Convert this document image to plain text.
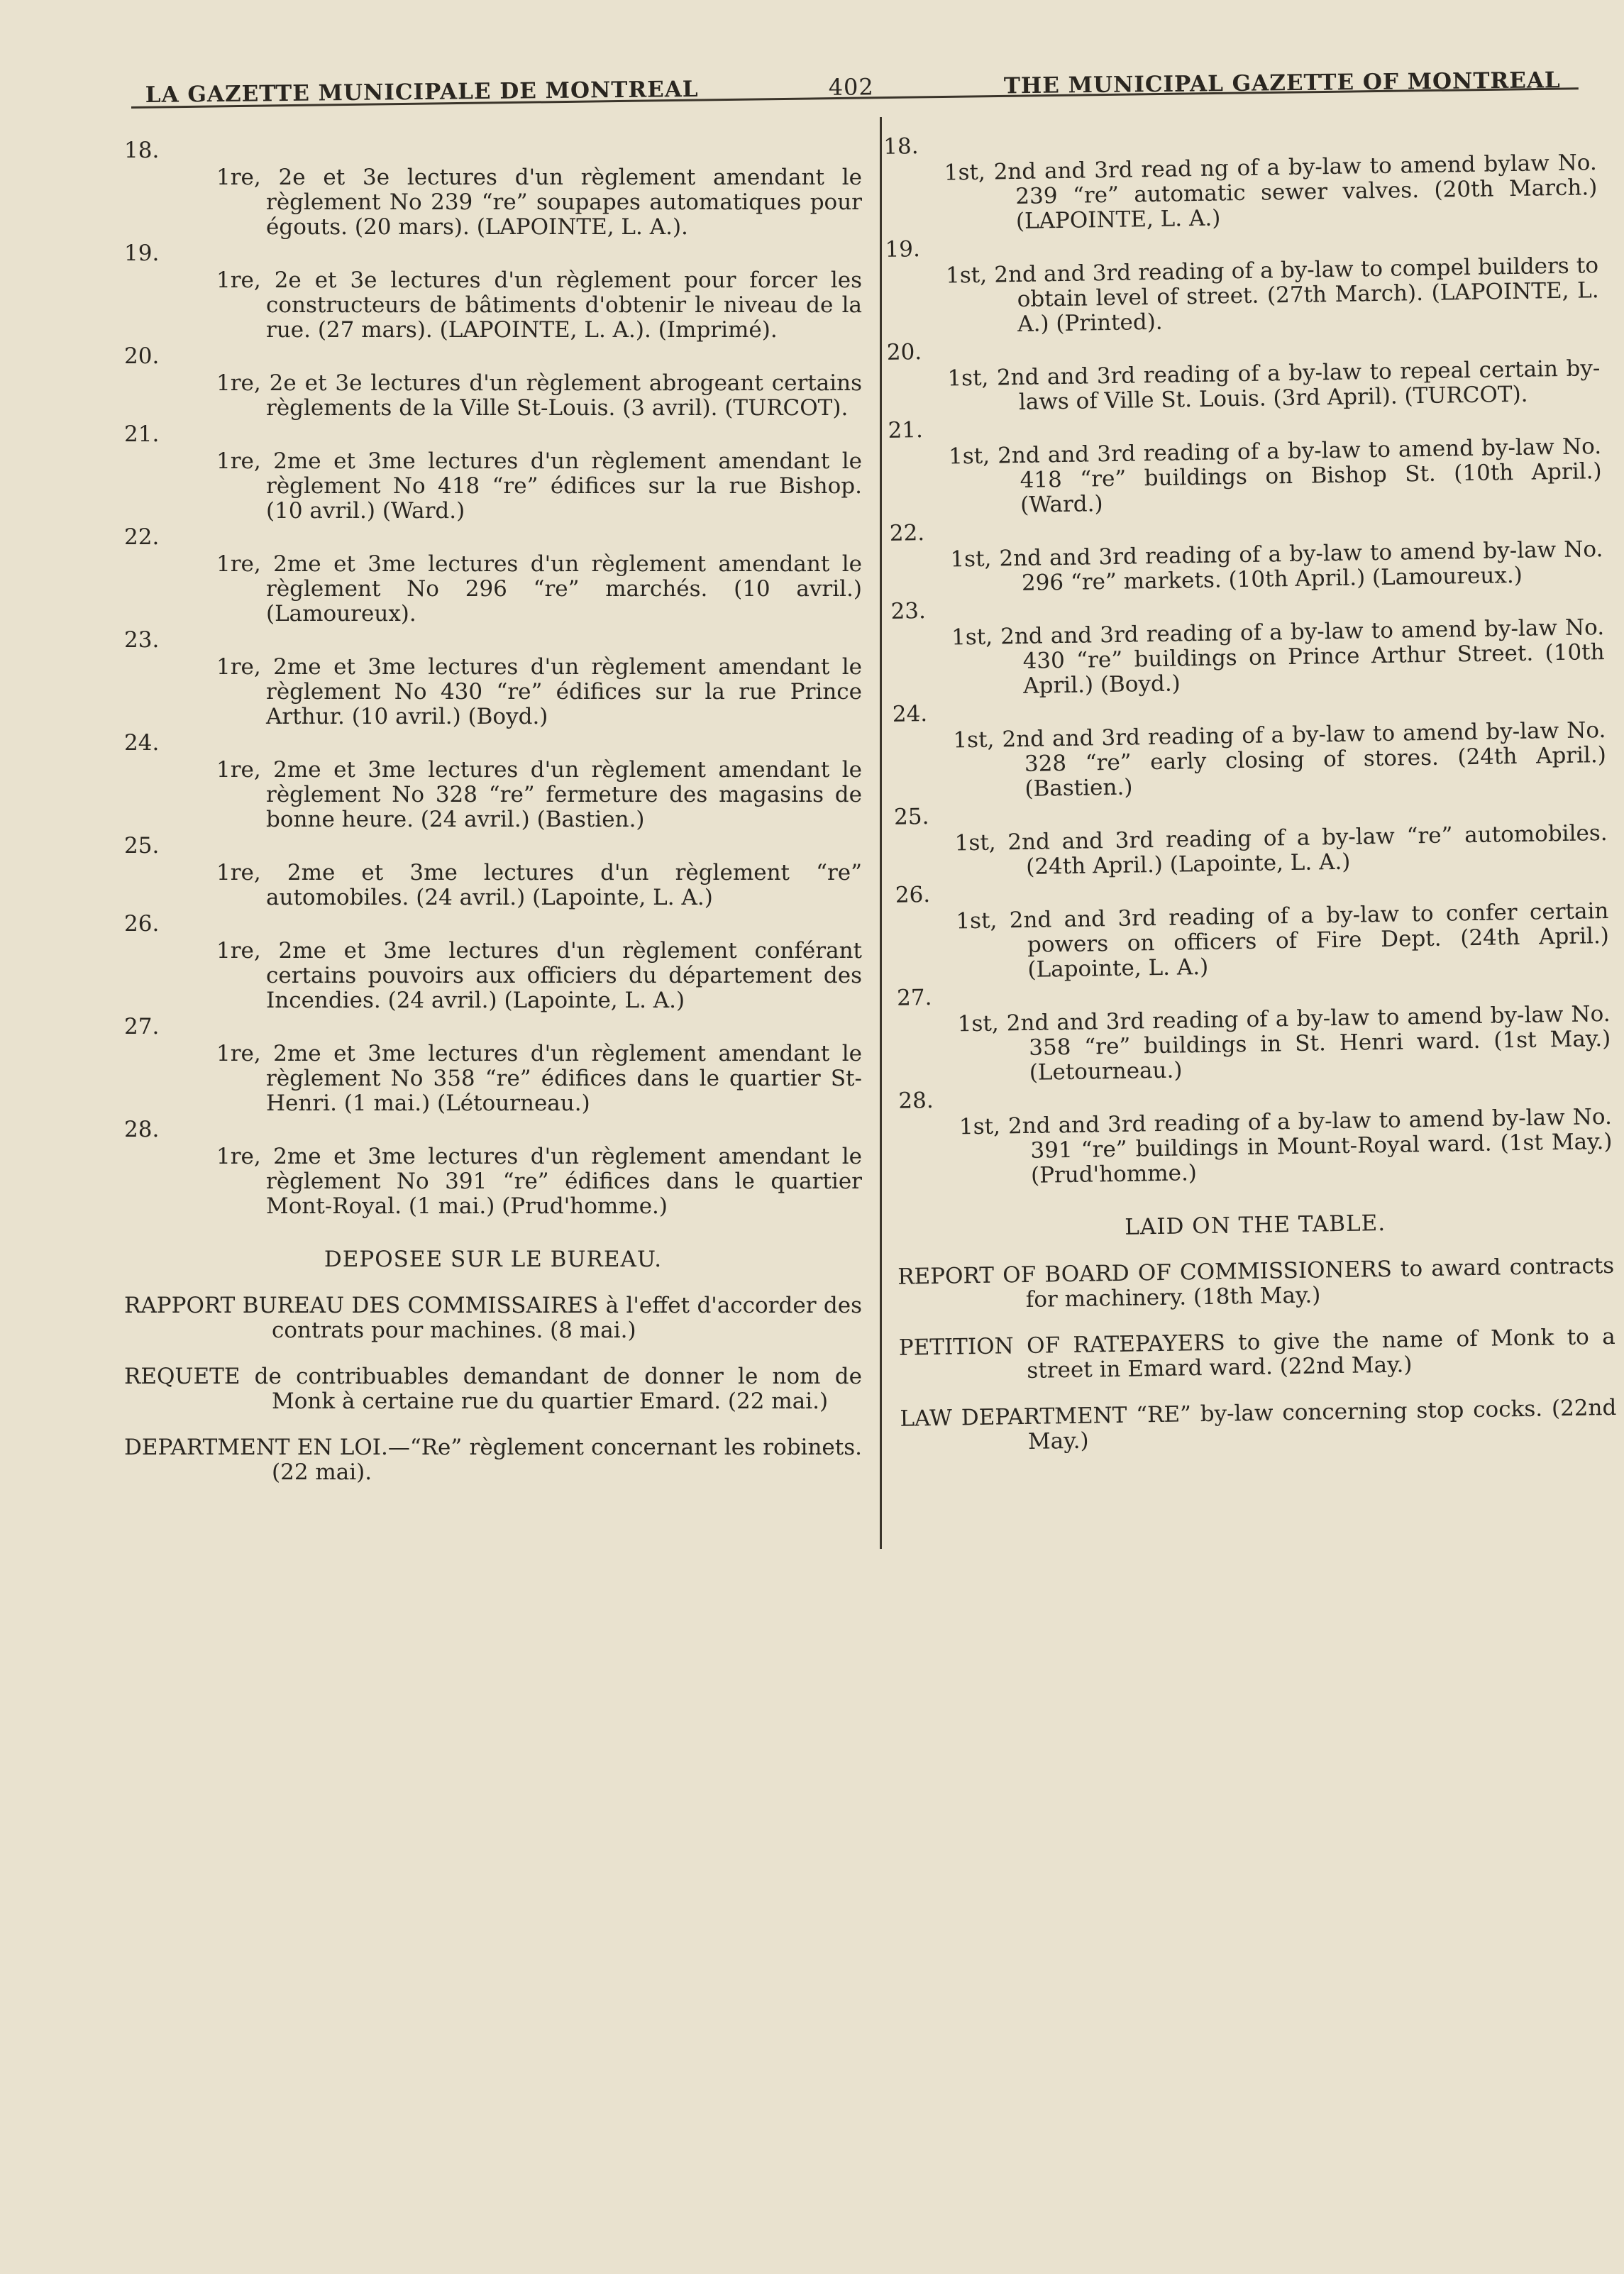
LA GAZETTE MUNICIPALE DE MONTREAL	402	THE MUNICIPAL GAZETTE OF MONTREAL
18.
1re, 2e et 3e lectures d'un règlement amendant le règlement No 239 “re” soupapes automatiques pour égouts. (20 mars). (LAPOINTE, L. A.).
19.
1re, 2e et 3e lectures d'un règlement pour forcer les constructeurs de bâtiments d'obtenir le niveau de la rue. (27 mars). (LAPOINTE, L. A.). (Imprimé).
20.
1re, 2e et 3e lectures d'un règlement abrogeant certains règlements de la Ville St-Louis. (3 avril). (TURCOT).
21.
1re, 2me et 3me lectures d'un règlement amendant le règlement No 418 “re” édifices sur la rue Bishop. (10 avril.) (Ward.)
22.
1re, 2me et 3me lectures d'un règlement amendant le règlement No 296 “re” marchés. (10 avril.) (Lamoureux).
23.
1re, 2me et 3me lectures d'un règlement amendant le règlement No 430 “re” édifices sur la rue Prince Arthur. (10 avril.) (Boyd.)
24.
1re, 2me et 3me lectures d'un règlement amendant le règlement No 328 “re” fermeture des magasins de bonne heure. (24 avril.) (Bastien.)
25.
1re, 2me et 3me lectures d'un règlement “re” automobiles. (24 avril.) (Lapointe, L. A.)
26.
1re, 2me et 3me lectures d'un règlement conférant certains pouvoirs aux officiers du département des Incendies. (24 avril.) (Lapointe, L. A.)
27.
1re, 2me et 3me lectures d'un règlement amendant le règlement No 358 “re” édifices dans le quartier St-Henri. (1 mai.) (Létourneau.)
28.
1re, 2me et 3me lectures d'un règlement amendant le règlement No 391 “re” édifices dans le quartier Mont-Royal. (1 mai.) (Prud'homme.)
DEPOSEE SUR LE BUREAU.
RAPPORT BUREAU DES COMMISSAIRES à l'effet d'accorder des contrats pour machines. (8 mai.)
REQUETE de contribuables demandant de donner le nom de Monk à certaine rue du quartier Emard. (22 mai.)
DEPARTMENT EN LOI.—“Re” règlement concernant les robinets. (22 mai).
18.
1st, 2nd and 3rd read ng of a by-law to amend bylaw No. 239 “re” automatic sewer valves. (20th March.) (LAPOINTE, L. A.)
19.
1st, 2nd and 3rd reading of a by-law to compel builders to obtain level of street. (27th March). (LAPOINTE, L. A.) (Printed).
20.
1st, 2nd and 3rd reading of a by-law to repeal certain by-laws of Ville St. Louis. (3rd April). (TURCOT).
21.
1st, 2nd and 3rd reading of a by-law to amend by-law No. 418 “re” buildings on Bishop St. (10th April.) (Ward.)
22.
1st, 2nd and 3rd reading of a by-law to amend by-law No. 296 “re” markets. (10th April.) (Lamoureux.)
23.
1st, 2nd and 3rd reading of a by-law to amend by-law No. 430 “re” buildings on Prince Arthur Street. (10th April.) (Boyd.)
24.
1st, 2nd and 3rd reading of a by-law to amend by-law No. 328 “re” early closing of stores. (24th April.) (Bastien.)
25.
1st, 2nd and 3rd reading of a by-law “re” automobiles. (24th April.) (Lapointe, L. A.)
26.
1st, 2nd and 3rd reading of a by-law to confer certain powers on officers of Fire Dept. (24th April.) (Lapointe, L. A.)
27.
1st, 2nd and 3rd reading of a by-law to amend by-law No. 358 “re” buildings in St. Henri ward. (1st May.) (Letourneau.)
28.
1st, 2nd and 3rd reading of a by-law to amend by-law No. 391 “re” buildings in Mount-Royal ward. (1st May.) (Prud'homme.)
LAID ON THE TABLE.
REPORT OF BOARD OF COMMISSIONERS to award contracts for machinery. (18th May.)
PETITION OF RATEPAYERS to give the name of Monk to a street in Emard ward. (22nd May.)
LAW DEPARTMENT “RE” by-law concerning stop cocks. (22nd May.)
